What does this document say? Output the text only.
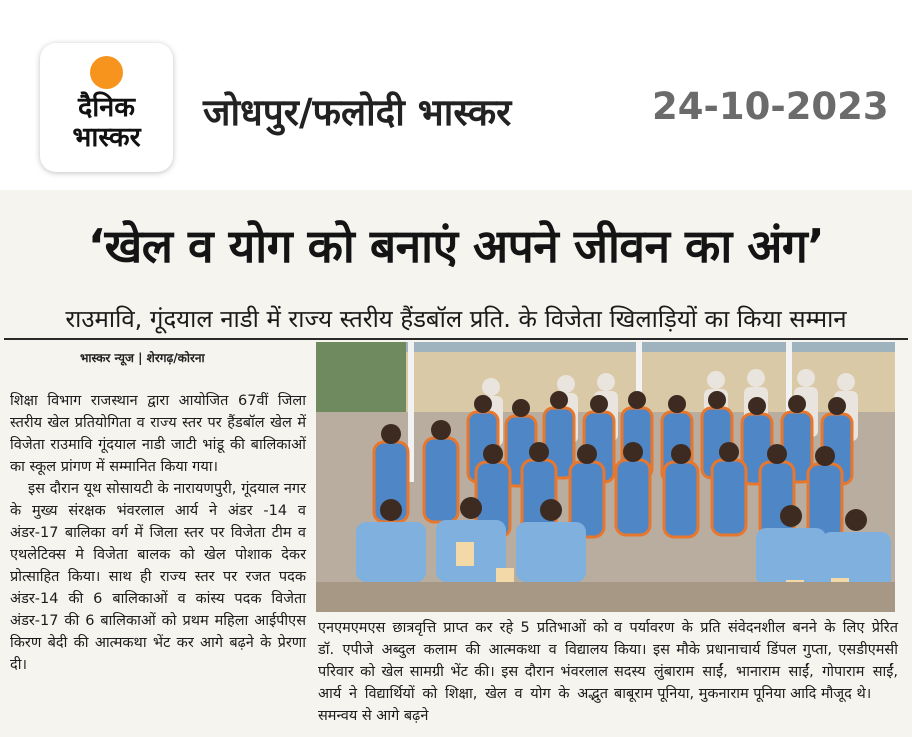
दैनिक
भास्कर
जोधपुर/फलोदी भास्कर	24-10-2023
‘खेल व योग को बनाएं अपने जीवन का अंग’
राउमावि, गूंदयाल नाडी में राज्य स्तरीय हैंडबॉल प्रति. के विजेता खिलाड़ियों का किया सम्मान
भास्कर न्यूज | शेरगढ़/कोरना

शिक्षा विभाग राजस्थान द्वारा आयोजित 67वीं जिला स्तरीय खेल प्रतियोगिता व राज्य स्तर पर हैंडबॉल खेल में विजेता राउमावि गूंदयाल नाडी जाटी भांडू की बालिकाओं का स्कूल प्रांगण में सम्मानित किया गया।

इस दौरान यूथ सोसायटी के नारायणपुरी, गूंदयाल नगर के मुख्य संरक्षक भंवरलाल आर्य ने अंडर -14 व अंडर-17 बालिका वर्ग में जिला स्तर पर विजेता टीम व एथलेटिक्स मे विजेता बालक को खेल पोशाक देकर प्रोत्साहित किया। साथ ही राज्य स्तर पर रजत पदक अंडर-14 की 6 बालिकाओं व कांस्य पदक विजेता अंडर-17 की 6 बालिकाओं को प्रथम महिला आईपीएस किरण बेदी की आत्मकथा भेंट कर आगे बढ़ने के प्रेरणा दी।

एनएमएमएस छात्रवृत्ति प्राप्त कर रहे 5 प्रतिभाओं को डॉ. एपीजे अब्दुल कलाम की आत्मकथा व विद्यालय परिवार को खेल सामग्री भेंट की। इस दौरान भंवरलाल आर्य ने विद्यार्थियों को शिक्षा, खेल व योग के अद्भुत समन्वय से आगे बढ़ने

व पर्यावरण के प्रति संवेदनशील बनने के लिए प्रेरित किया। इस मौके प्रधानाचार्य डिंपल गुप्ता, एसडीएमसी सदस्य लुंबाराम साईं, भानाराम साईं, गोपाराम साईं, बाबूराम पूनिया, मुकनाराम पूनिया आदि मौजूद थे।
